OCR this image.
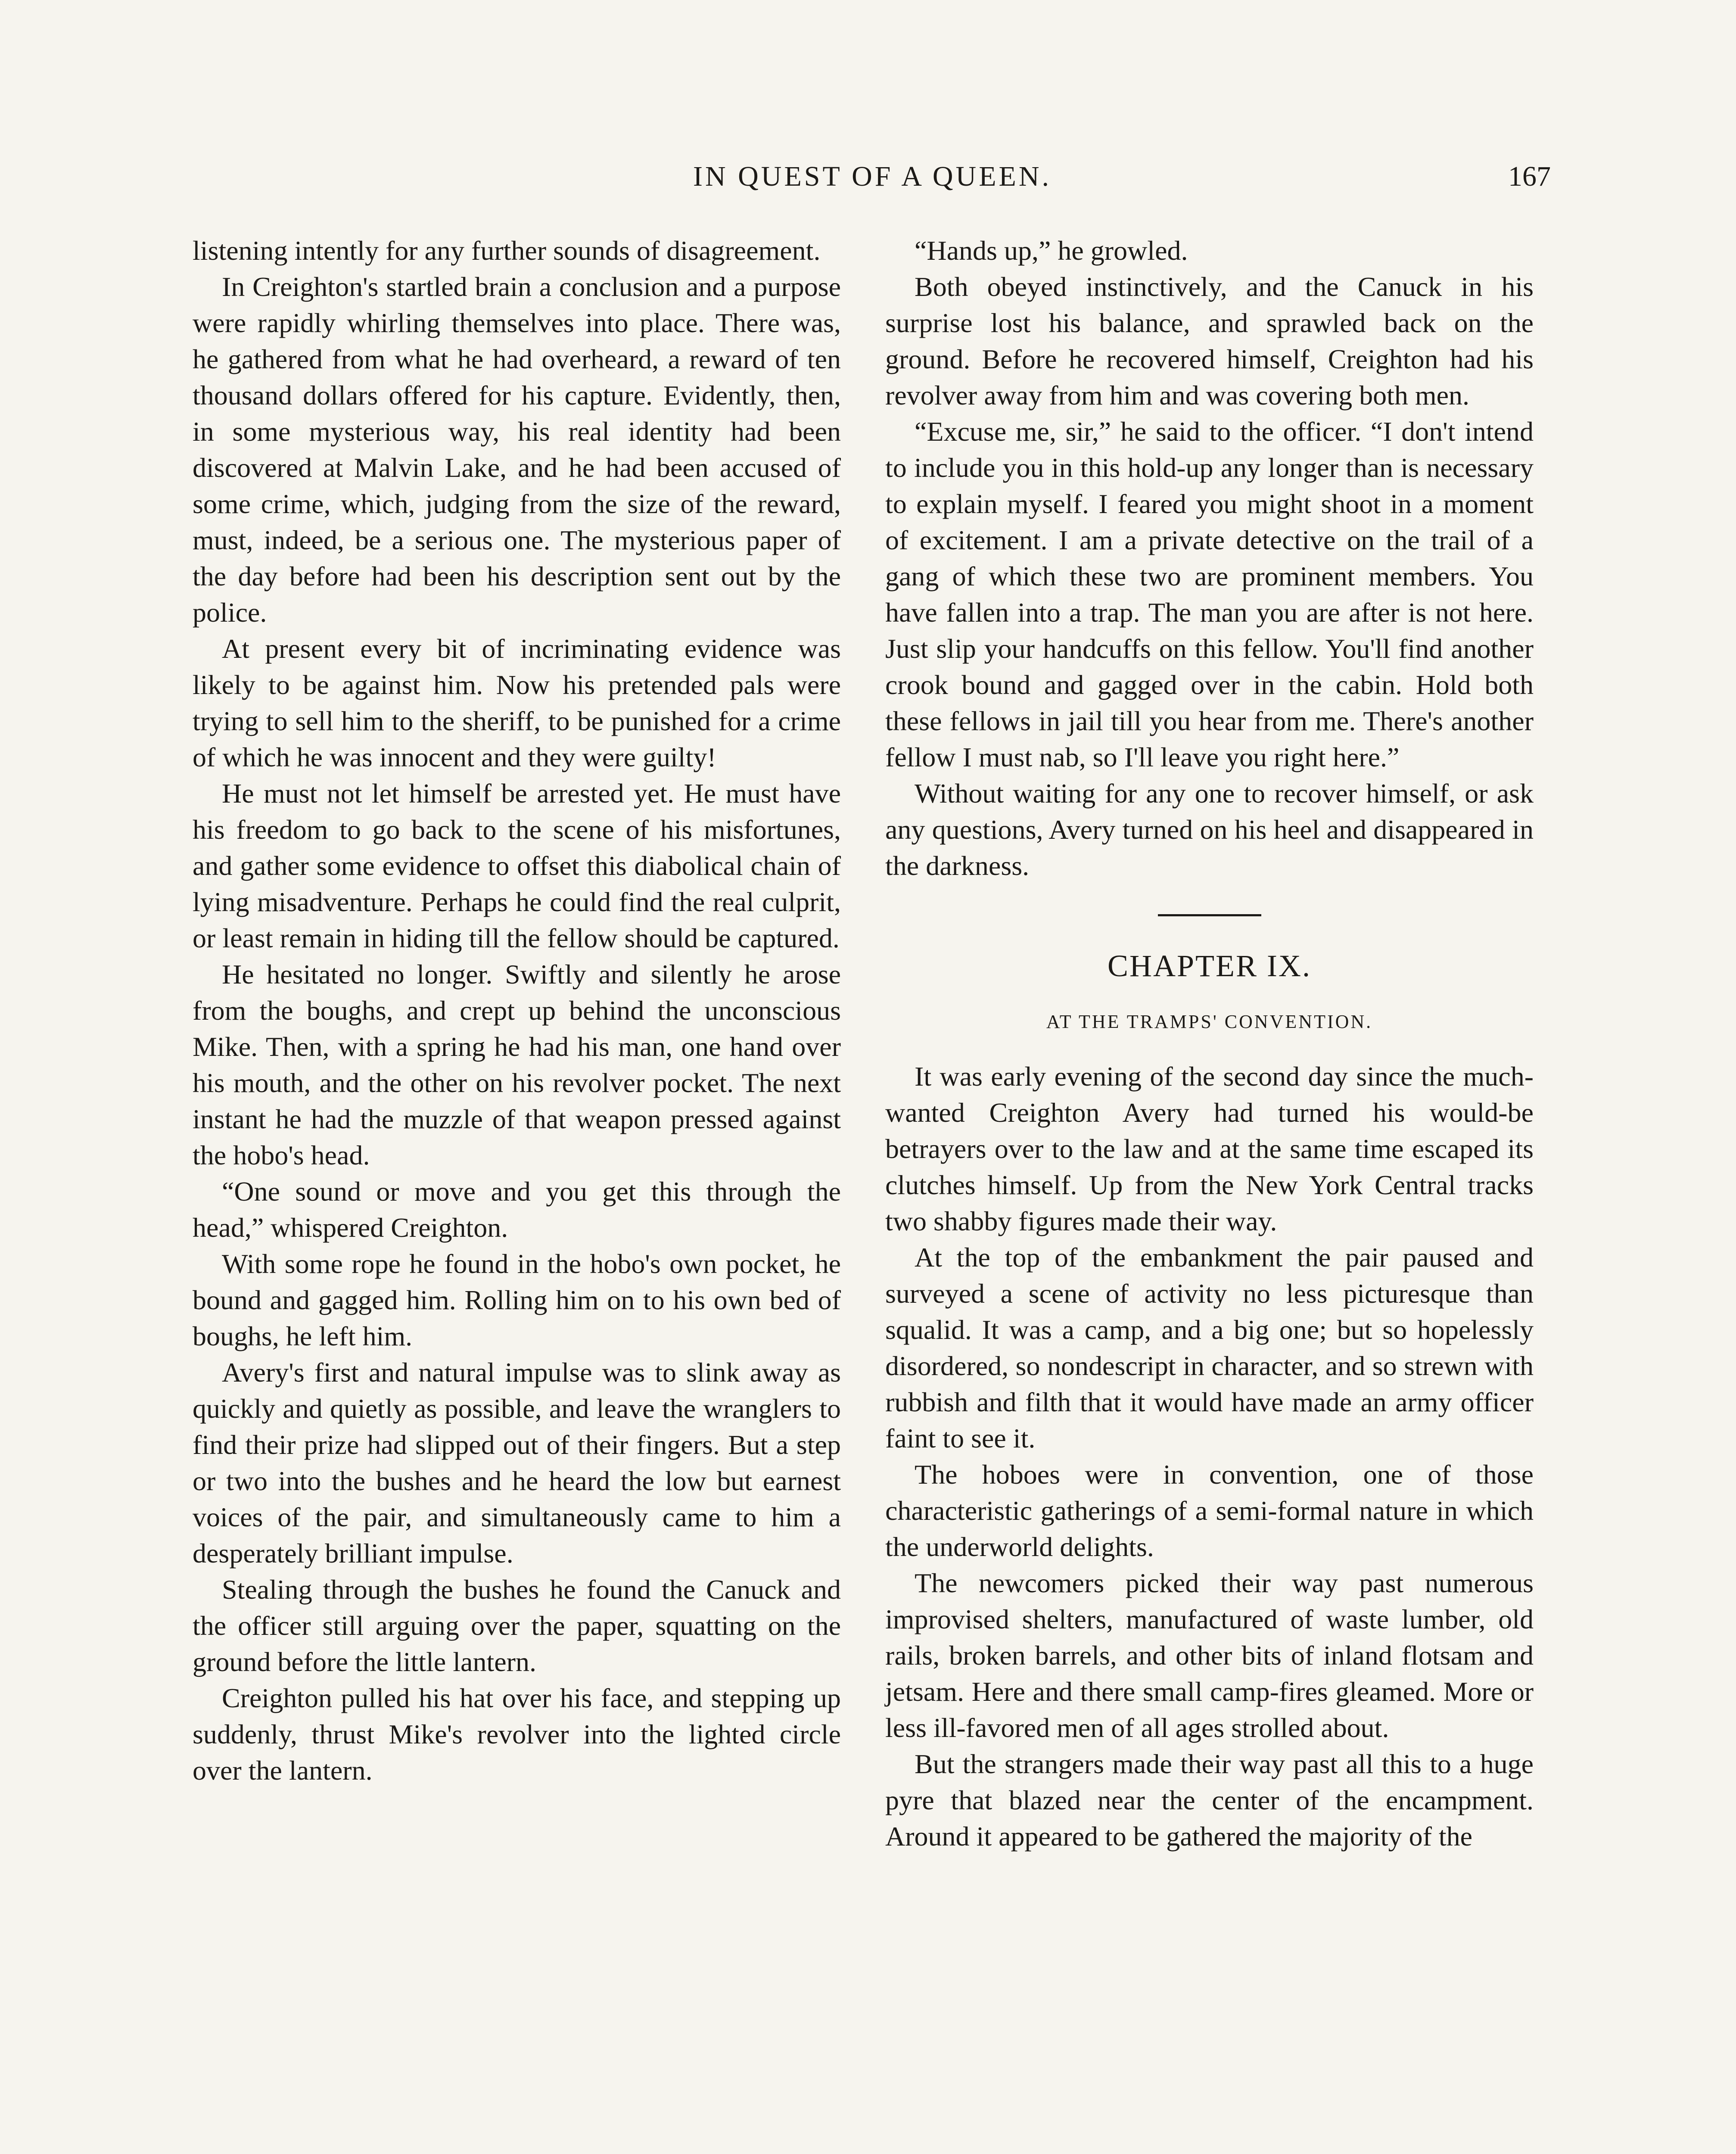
IN QUEST OF A QUEEN.	167

listening intently for any further sounds of disagreement.

In Creighton's startled brain a conclusion and a purpose were rapidly whirling themselves into place. There was, he gathered from what he had overheard, a reward of ten thousand dollars offered for his capture. Evidently, then, in some mysterious way, his real identity had been discovered at Malvin Lake, and he had been accused of some crime, which, judging from the size of the reward, must, indeed, be a serious one. The mysterious paper of the day before had been his description sent out by the police.

At present every bit of incriminating evidence was likely to be against him. Now his pretended pals were trying to sell him to the sheriff, to be punished for a crime of which he was innocent and they were guilty!

He must not let himself be arrested yet. He must have his freedom to go back to the scene of his misfortunes, and gather some evidence to offset this diabolical chain of lying misadventure. Perhaps he could find the real culprit, or least remain in hiding till the fellow should be captured.

He hesitated no longer. Swiftly and silently he arose from the boughs, and crept up behind the unconscious Mike. Then, with a spring he had his man, one hand over his mouth, and the other on his revolver pocket. The next instant he had the muzzle of that weapon pressed against the hobo's head.

“One sound or move and you get this through the head,” whispered Creighton.

With some rope he found in the hobo's own pocket, he bound and gagged him. Rolling him on to his own bed of boughs, he left him.

Avery's first and natural impulse was to slink away as quickly and quietly as possible, and leave the wranglers to find their prize had slipped out of their fingers. But a step or two into the bushes and he heard the low but earnest voices of the pair, and simultaneously came to him a desperately brilliant impulse.

Stealing through the bushes he found the Canuck and the officer still arguing over the paper, squatting on the ground before the little lantern.

Creighton pulled his hat over his face, and stepping up suddenly, thrust Mike's revolver into the lighted circle over the lantern.

“Hands up,” he growled.

Both obeyed instinctively, and the Canuck in his surprise lost his balance, and sprawled back on the ground. Before he recovered himself, Creighton had his revolver away from him and was covering both men.

“Excuse me, sir,” he said to the officer. “I don't intend to include you in this hold-up any longer than is necessary to explain myself. I feared you might shoot in a moment of excitement. I am a private detective on the trail of a gang of which these two are prominent members. You have fallen into a trap. The man you are after is not here. Just slip your handcuffs on this fellow. You'll find another crook bound and gagged over in the cabin. Hold both these fellows in jail till you hear from me. There's another fellow I must nab, so I'll leave you right here.”

Without waiting for any one to recover himself, or ask any questions, Avery turned on his heel and disappeared in the darkness.

CHAPTER IX.
AT THE TRAMPS' CONVENTION.

It was early evening of the second day since the much-wanted Creighton Avery had turned his would-be betrayers over to the law and at the same time escaped its clutches himself. Up from the New York Central tracks two shabby figures made their way.

At the top of the embankment the pair paused and surveyed a scene of activity no less picturesque than squalid. It was a camp, and a big one; but so hopelessly disordered, so nondescript in character, and so strewn with rubbish and filth that it would have made an army officer faint to see it.

The hoboes were in convention, one of those characteristic gatherings of a semi-formal nature in which the underworld delights.

The newcomers picked their way past numerous improvised shelters, manufactured of waste lumber, old rails, broken barrels, and other bits of inland flotsam and jetsam. Here and there small camp-fires gleamed. More or less ill-favored men of all ages strolled about.

But the strangers made their way past all this to a huge pyre that blazed near the center of the encampment. Around it appeared to be gathered the majority of the
